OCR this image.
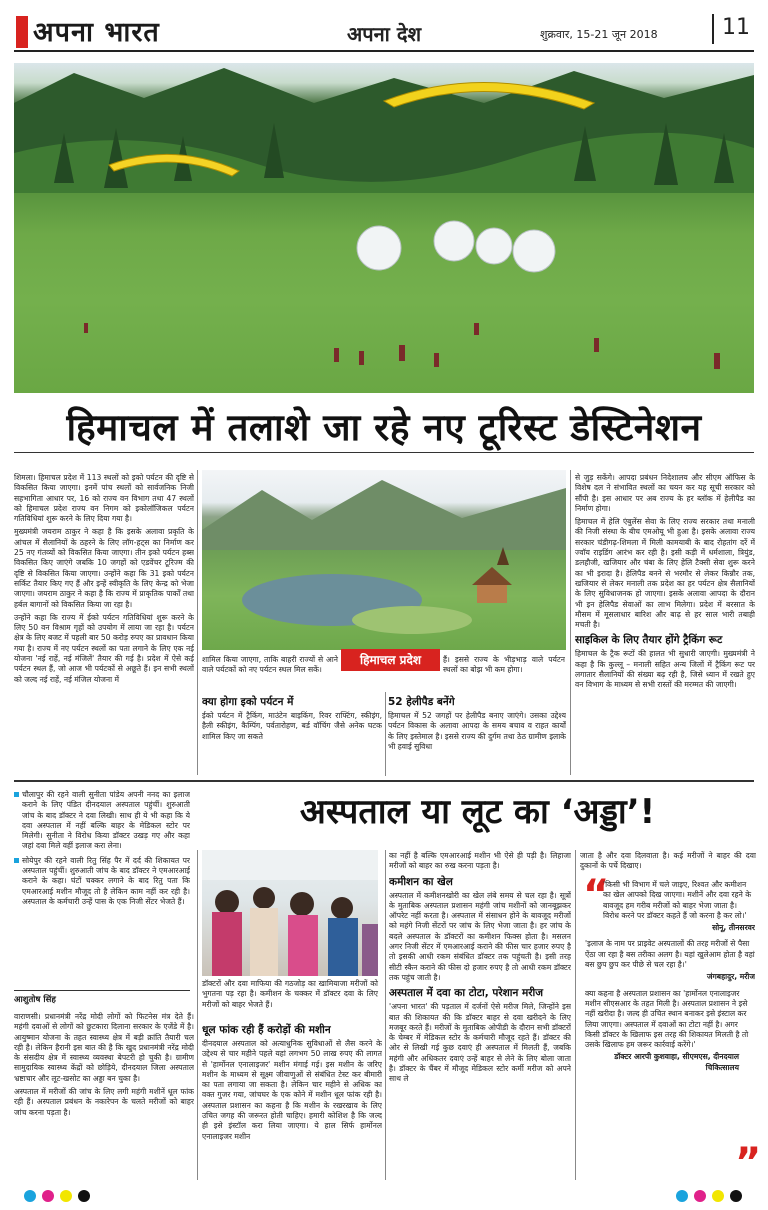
अपना भारत	अपना देश	शुक्रवार, 15-21 जून 2018	11
हिमाचल में तलाशे जा रहे नए टूरिस्ट डेस्टिनेशन

शिमला। हिमाचल प्रदेश में 113 स्थलों को इको पर्यटन की दृष्टि से विकसित किया जाएगा। इनमें पांच स्थलों को सार्वजनिक निजी सहभागिता आधार पर, 16 को राज्य वन विभाग तथा 47 स्थलों को हिमाचल प्रदेश राज्य वन निगम को इकोलॉजिकल पर्यटन गतिविधियां शुरू करने के लिए दिया गया है।

मुख्यमंत्री जयराम ठाकुर ने कहा है कि इसके अलावा प्रकृति के आंचल में सैलानियों के ठहरने के लिए लॉग-हट्स का निर्माण कर 25 नए गंतव्यों को विकसित किया जाएगा। तीन इको पर्यटन हब्स विकसित किए जाएंगे जबकि 10 जगहों को एडवेंचर टूरिज्म की दृष्टि से विकसित किया जाएगा। उन्होंने कहा कि 31 इको पर्यटन सर्किट तैयार किए गए हैं और इन्हें स्वीकृति के लिए केन्द्र को भेजा जाएगा। जयराम ठाकुर ने कहा है कि राज्य में प्राकृतिक पार्कों तथा हर्बल बागानों को विकसित किया जा रहा है।

उन्होंने कहा कि राज्य में ईको पर्यटन गतिविधियां शुरू करने के लिए 50 वन विश्राम गृहों को उपयोग में लाया जा रहा है। पर्यटन क्षेत्र के लिए बजट में पहली बार 50 करोड़ रुपए का प्रावधान किया गया है। राज्य में नए पर्यटन स्थलों का पता लगाने के लिए एक नई योजना 'नई राहें, नई मंजिलें' तैयार की गई है। प्रदेश में ऐसे कई पर्यटन स्थल हैं, जो आज भी पर्यटकों से अछूते हैं। इन सभी स्थलों को जल्द नई राहें, नई मंजिल योजना में

शामिल किया जाएगा, ताकि बाहरी राज्यों से आने वाले पर्यटकों को नए पर्यटन स्थल मिल सकें।
हिमाचल प्रदेश	हैं। इससे राज्य के भीड़भाड़ वाले पर्यटन स्थलों का बोझ भी कम होगा।

क्या होगा इको पर्यटन में

ईको पर्यटन में ट्रैकिंग, माउंटेन बाइकिंग, रिवर राफ्टिंग, स्कीइंग, हैली स्कीइंग, कैम्पिंग, पर्वतारोहण, बर्ड वॉचिंग जैसे अनेक घटक शामिल किए जा सकते

52 हेलीपैड बनेंगे

हिमाचल में 52 जगहों पर हेलीपैड बनाए जाएंगे। उसका उद्देश्य पर्यटन विकास के अलावा आपदा के समय बचाव व राहत कार्यों के लिए इस्तेमाल है। इससे राज्य की दुर्गम तथा ठेठ ग्रामीण इलाके भी हवाई सुविधा

से जुड़ सकेंगे। आपदा प्रबंधन निदेशालय और सीएम ऑफिस के विशेष दल ने संभावित स्थलों का चयन कर यह सूची सरकार को सौंपी है। इस आधार पर अब राज्य के हर ब्लॉक में हेलीपैड का निर्माण होगा।

हिमाचल में हेलि एंबुलेंस सेवा के लिए राज्य सरकार तथा मनाली की निजी संस्था के बीच एमओयू भी हुआ है। इसके अलावा राज्य सरकार चंडीगढ़-शिमला में मिली कामयाबी के बाद रोहतांग दर्रे में ज्वॉय राइडिंग आरंभ कर रही है। इसी कड़ी में धर्मशाला, त्रियुंड, डलहौजी, खजियार और चंबा के लिए हेलि टैक्सी सेवा शुरू करने का भी इरादा है। हेलिपैड बनने से भरमौर से लेकर किन्नौर तक, खजियार से लेकर मनाली तक प्रदेश का हर पर्यटन क्षेत्र सैलानियों के लिए सुविधाजनक हो जाएगा। इसके अलावा आपदा के दौरान भी इन हेलिपैड सेवाओं का लाभ मिलेगा। प्रदेश में बरसात के मौसम में मूसलाधार बारिश और बाढ़ से हर साल भारी तबाही मचती है।

साइकिल के लिए तैयार होंगे ट्रैकिंग रूट

हिमाचल के ट्रैक रूटों की हालत भी सुधारी जाएगी। मुख्यमंत्री ने कहा है कि कुल्लू – मनाली सहित अन्य जिलों में ट्रैकिंग रूट पर लगातार सैलानियों की संख्या बढ़ रही है, जिसे ध्यान में रखते हुए वन विभाग के माध्यम से सभी रास्तों की मरम्मत की जाएगी।

अस्पताल या लूट का ‘अड्डा’!

चौलापुर की रहने वाली सुनीता पांडेय अपनी ननद का इलाज कराने के लिए पंडित दीनदयाल अस्पताल पहुंचीं। शुरुआती जांच के बाद डॉक्टर ने दवा लिखी। साथ ही ये भी कहा कि ये दवा अस्पताल में नहीं बल्कि बाहर के मेडिकल स्टोर पर मिलेगी। सुनीता ने विरोध किया डॉक्टर उखड़ गए और कहा जहां दवा मिले वहीं इलाज करा लेना।

सोयेपुर की रहने वाली रितु सिंह पैर में दर्द की शिकायत पर अस्पताल पहुंचीं। शुरुआती जांच के बाद डॉक्टर ने एमआरआई कराने के कहा। घंटों चक्कर लगाने के बाद रितु पता कि एमआरआई मशीन मौजूद तो है लेकिन काम नहीं कर रही है। अस्पताल के कर्मचारी उन्हें पास के एक निजी सेंटर भेजते हैं।

आशुतोष सिंह

वाराणसी। प्रधानमंत्री नरेंद्र मोदी लोगों को फिटनेस मंत्र देते हैं। महंगी दवाओं से लोगों को छुटकारा दिलाना सरकार के एजेंडे में है। आयुष्मान योजना के तहत स्वास्थ्य क्षेत्र में बड़ी क्रांति तैयारी चल रही है। लेकिन हैरानी इस बात की है कि खुद प्रधानमंत्री नरेंद्र मोदी के संसदीय क्षेत्र में स्वास्थ्य व्यवस्था बेपटरी हो चुकी है। ग्रामीण सामुदायिक स्वास्थ्य केंद्रों को छोड़िये, दीनदयाल जिला अस्पताल भ्रष्टाचार और लूट-खसोट का अड्डा बन चुका है।

अस्पताल में मरीजों की जांच के लिए लगी महंगी मशीनें धूल फांक रही हैं। अस्पताल प्रबंधन के नकारेपन के चलते मरीजों को बाहर जांच करना पड़ता है।

डॉक्टरों और दवा माफिया की गठजोड़ का खामियाजा मरीजों को भुगतना पड़ रहा है। कमीशन के चक्कर में डॉक्टर दवा के लिए मरीजों को बाहर भेजते हैं।
धूल फांक रही हैं करोड़ों की मशीन

दीनदयाल अस्पताल को अत्याधुनिक सुविधाओं से लैस करने के उद्देश्य से चार महीने पहले यहां लगभग 50 लाख रुपए की लागत से 'हार्मोनल एनालाइजर' मशीन मंगाई गई। इस मशीन के जरिए मशीन के माध्यम से सूक्ष्म जीवाणुओं से संबंधित टेस्ट कर बीमारी का पता लगाया जा सकता है। लेकिन चार महीने से अधिक का वक्त गुजर गया, जांचघर के एक कोने में मशीन धूल फांक रही है। अस्पताल प्रशासन का कहना है कि मशीन के रखरखाव के लिए उचित जगह की जरूरत होती चाहिए। हमारी कोशिश है कि जल्द ही इसे इंस्टॉल करा लिया जाएगा। ये हाल सिर्फ हार्मोनल एनालाइजर मशीन

का नहीं है बल्कि एमआरआई मशीन भी ऐसे ही पड़ी है। लिहाजा मरीजों को बाहर का रुख करना पड़ता है।

कमीशन का खेल

अस्पताल में कमीशनखोरी का खेल लंबे समय से चल रहा है। सूत्रों के मुताबिक अस्पताल प्रशासन महंगी जांच मशीनों को जानबूझकर ऑपरेट नहीं करता है। अस्पताल में संसाधन होने के बावजूद मरीजों को महंगे निजी सेंटरों पर जांच के लिए भेजा जाता है। हर जांच के बदले अस्पताल के डॉक्टरों का कमीशन फिक्स होता है। मसलन अगर निजी सेंटर में एमआरआई कराने की फीस चार हजार रुपए है तो इसकी आधी रकम संबंधित डॉक्टर तक पहुंचती है। इसी तरह सीटी स्कैन कराने की फीस दो हजार रुपए है तो आधी रकम डॉक्टर तक पहुंच जाती है।

अस्पताल में दवा का टोटा, परेशान मरीज

'अपना भारत' की पड़ताल में दर्जनों ऐसे मरीज मिले, जिन्होंने इस बात की शिकायत की कि डॉक्टर बाहर से दवा खरीदने के लिए मजबूर करते हैं। मरीजों के मुताबिक ओपीडी के दौरान सभी डॉक्टरों के चेम्बर में मेडिकल स्टोर के कर्मचारी मौजूद रहते हैं। डॉक्टर की ओर से लिखी गई कुछ दवाएं ही अस्पताल में मिलती हैं, जबकि महंगी और अधिकतर दवाएं उन्हें बाहर से लेने के लिए बोला जाता है। डॉक्टर के चैंबर में मौजूद मेडिकल स्टोर कर्मी मरीज को अपने साथ ले

जाता है और दवा दिलवाता है। कई मरीजों ने बाहर की दवा दुकानों के पर्चे दिखाए।

“

'किसी भी विभाग में चले जाइए, रिश्वत और कमीशन का खेल आपको दिख जाएगा। मशीनें और दवा रहने के बावजूद हम गरीब मरीजों को बाहर भेजा जाता है। विरोध करने पर डॉक्टर कहते हैं जो करना है कर लो।'

सोनू, तीनसरवर

'इलाज के नाम पर प्राइवेट अस्पतालों की तरह मरीजों से पैसा ऐंठा जा रहा है बस तरीका अलग है। यहां खुलेआम होता है वहां बस छुप छुप कर पीछे से चल रहा है।'

जंगबहादुर, मरीज

क्या कहना है अस्पताल प्रशासन का 'हार्मोनल एनालाइजर मशीन सीएसआर के तहत मिली है। अस्पताल प्रशासन ने इसे नहीं खरीदा है। जल्द ही उचित स्थान बनाकर इसे इंस्टाल कर लिया जाएगा। अस्पताल में दवाओं का टोटा नहीं है। अगर किसी डॉक्टर के खिलाफ इस तरह की शिकायत मिलती है तो उसके खिलाफ हम जरूर कार्रवाई करेंगे।'

डॉक्टर आरपी कुशवाहा, सीएमएस, दीनदयाल चिकित्सालय

”
